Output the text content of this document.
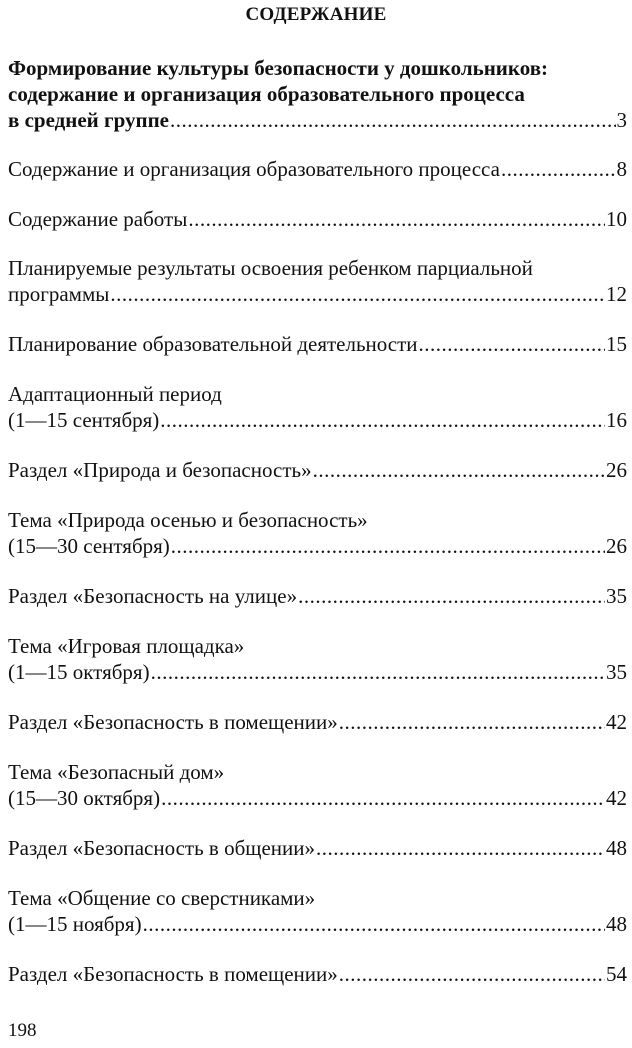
СОДЕРЖАНИЕ
Формирование культуры безопасности у дошкольников:
содержание и организация образовательного процесса
в средней группе .....	3
Содержание и организация образовательного процесса .....	8
Содержание работы .....	10
Планируемые результаты освоения ребенком парциальной
программы .....	12
Планирование образовательной деятельности .....	15
Адаптационный период
(1—15 сентября) .....	16
Раздел «Природа и безопасность» .....	26
Тема «Природа осенью и безопасность»
(15—30 сентября) .....	26
Раздел «Безопасность на улице» .....	35
Тема «Игровая площадка»
(1—15 октября) .....	35
Раздел «Безопасность в помещении» .....	42
Тема «Безопасный дом»
(15—30 октября) .....	42
Раздел «Безопасность в общении» .....	48
Тема «Общение со сверстниками»
(1—15 ноября) .....	48
Раздел «Безопасность в помещении» .....	54
198
